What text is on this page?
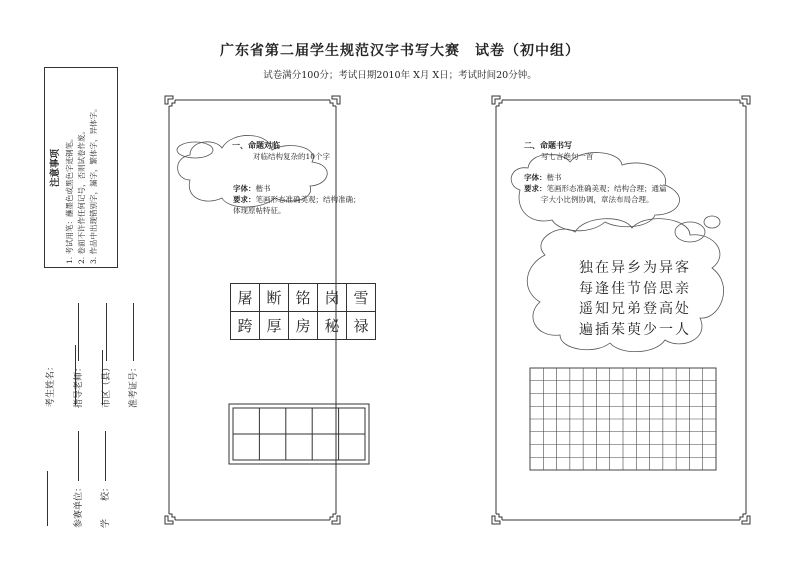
广东省第二届学生规范汉字书写大赛　试卷（初中组）
试卷满分100分；考试日期2010年 X月 X日；考试时间20分钟。
注意事项 1. 考试用笔：蘸墨色或黑色字迹钢笔。 2. 卷面不许作任何记号，否则试卷作废。 3. 作品中出现错别字，漏字，繁体字，异体字。
考生姓名：
参赛单位：	学　　校：
指导老师：	市区（县）	准考证号：
一、命题对临
对临结构复杂的10个字
字体：楷书
要求：笔画形态准确美观；结构准确；
体现原帖特征。
屠	断	铭	岗	雪
跨	厚	房	秘	禄
二、命题书写
写七言绝句一首
字体：楷书
要求：笔画形态准确美观；结构合理；通篇
字大小比例协调，章法布局合理。
独在异乡为异客
每逢佳节倍思亲
遥知兄弟登高处
遍插茱萸少一人
